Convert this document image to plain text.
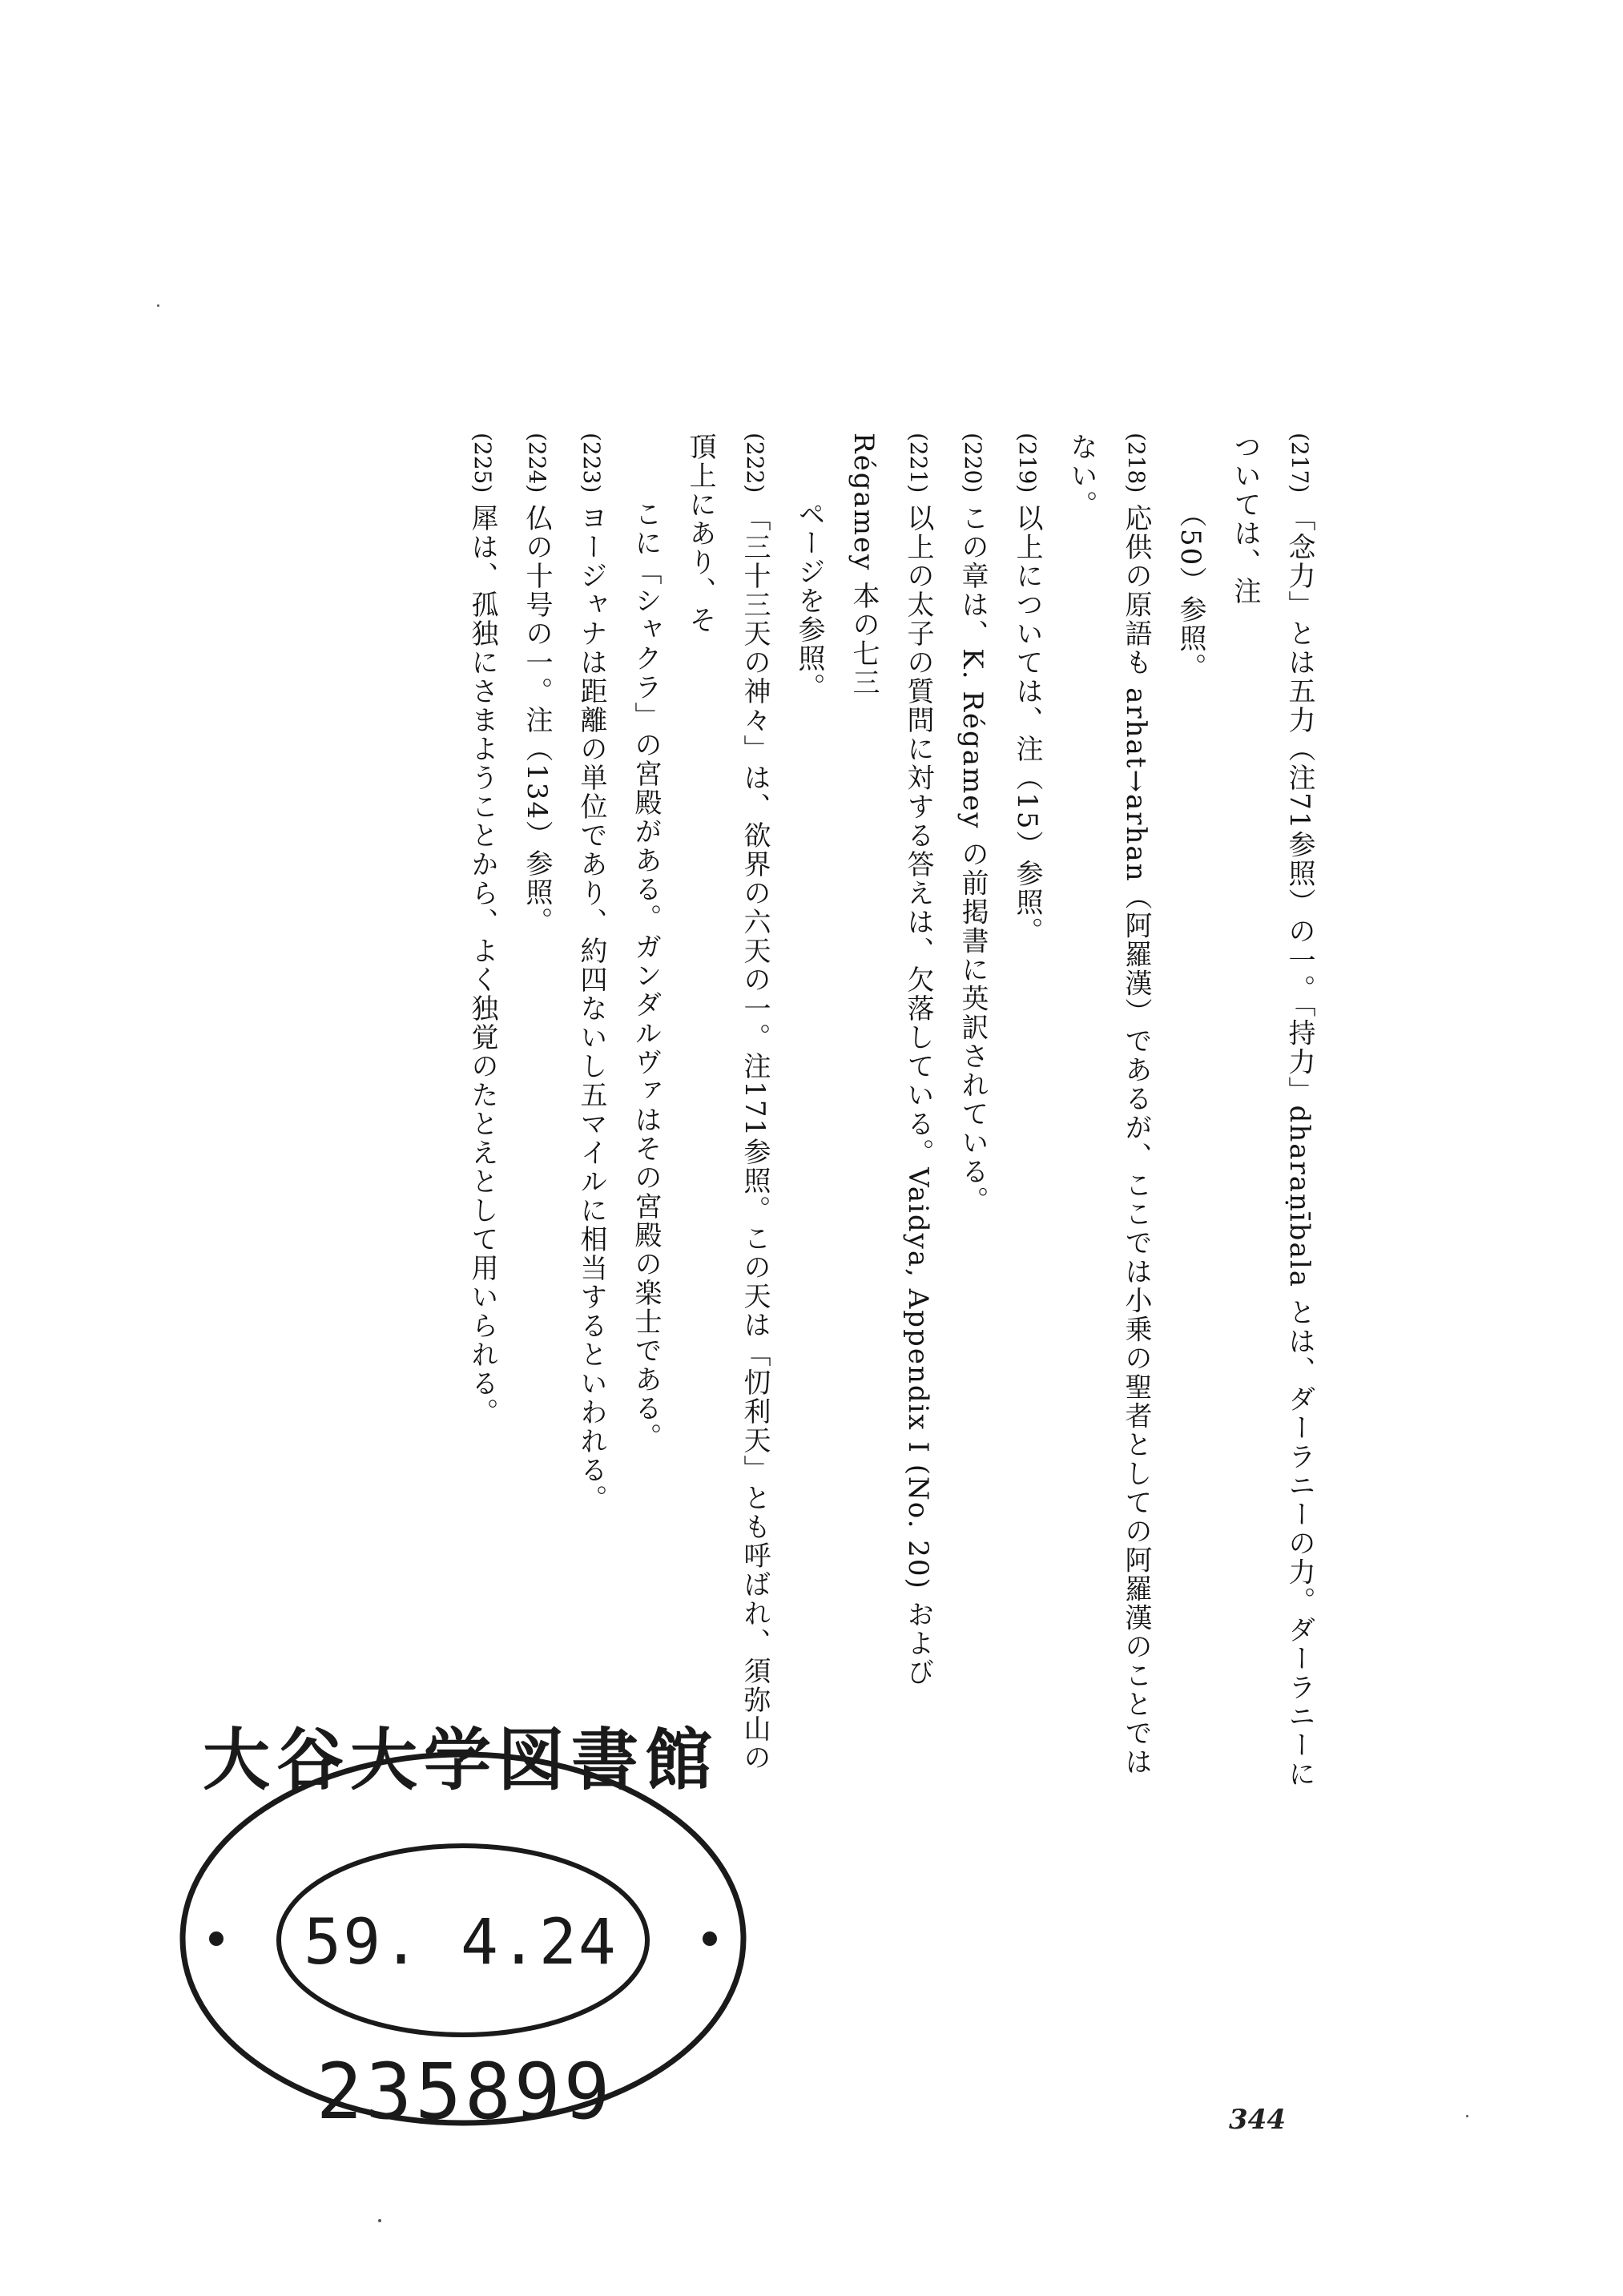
(217)「念力」とは五力（注71参照）の一。「持力」dharaṇībala とは、ダーラニーの力。ダーラニーについては、注
（50）参照。
(218)応供の原語も arhat→arhan（阿羅漢）であるが、ここでは小乗の聖者としての阿羅漢のことではない。
(219)以上については、注（15）参照。
(220)この章は、K. Régamey の前掲書に英訳されている。
(221)以上の太子の質問に対する答えは、欠落している。Vaidya, Appendix I (No. 20) および Régamey 本の七三
ページを参照。
(222)「三十三天の神々」は、欲界の六天の一。注171参照。この天は「忉利天」とも呼ばれ、須弥山の頂上にあり、そ
こに「シャクラ」の宮殿がある。ガンダルヴァはその宮殿の楽士である。
(223)ヨージャナは距離の単位であり、約四ないし五マイルに相当するといわれる。
(224)仏の十号の一。注（134）参照。
(225)犀は、孤独にさまようことから、よく独覚のたとえとして用いられる。
344
大谷大学図書館
59. 4.24
235899
